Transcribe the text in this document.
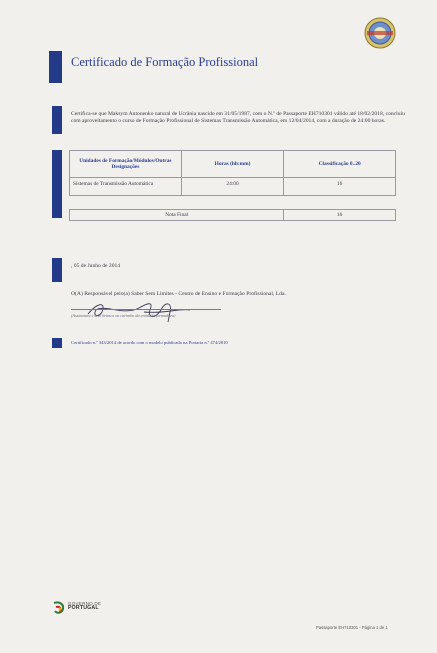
Certificado de Formação Profissional
Certifica-se que Maksym Antonenko natural de Ucrânia nascido em 31/05/1987, com o N.º de Passaporte EH710301 válido até 18/02/2018, concluiu com aproveitamento o curso de Formação Profissional de Sistemas Transmissão Automática, em 12/04/2014, com a duração de 24:00 horas.
Unidades de Formação/Módulos/Outras Designações	Horas (hh:mm)	Classificação 0..20
Sistemas de Transmissão Automática	24:00	16

Nota Final		16
, 05 de Junho de 2014
O(A) Responsável pelo(a) Saber Sem Limites - Centro de Ensino e Formação Profissional, Lda.
(Assinatura e selo branco ou carimbo da entidade formadora)
Certificado n.º 343/2014 de acordo com o modelo publicado na Portaria n.º 474/2010
GOVERNO DE
PORTUGAL
Passaporte EH710301 - Página 1 de 1
